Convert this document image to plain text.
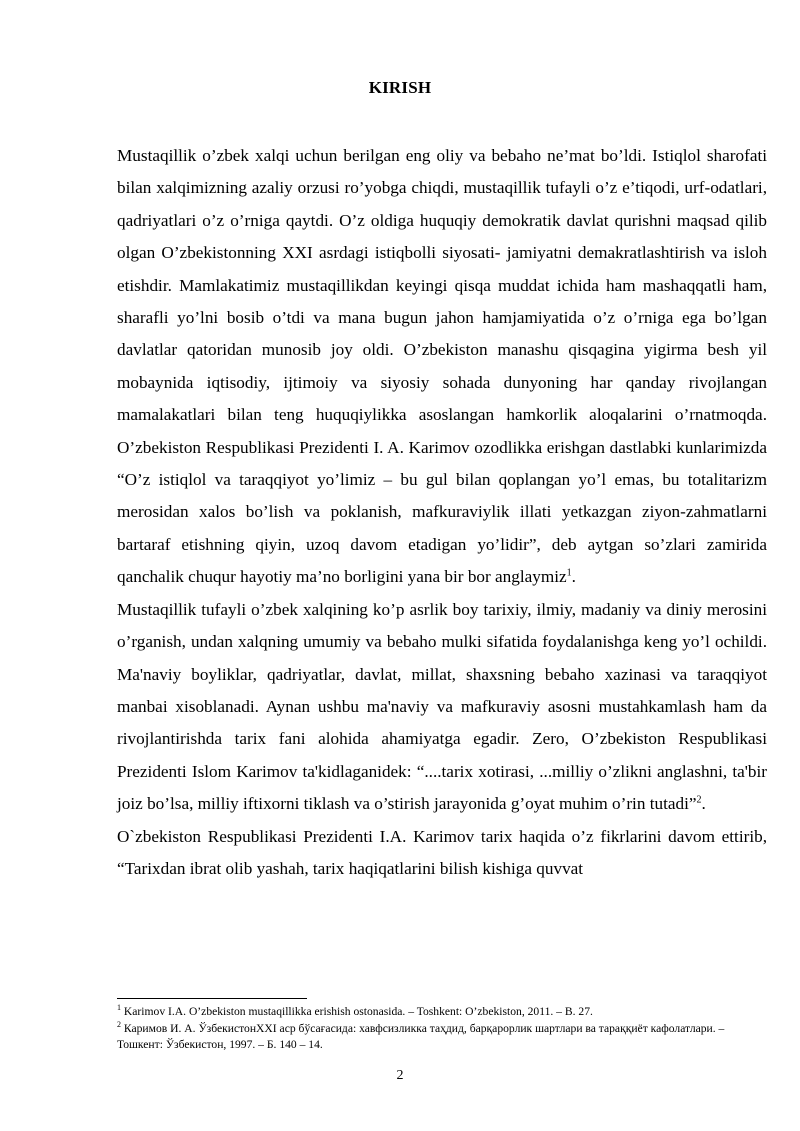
KIRISH

Mustaqillik o’zbek xalqi uchun berilgan eng oliy va bebaho ne’mat bo’ldi. Istiqlol sharofati bilan xalqimizning azaliy orzusi ro’yobga chiqdi, mustaqillik tufayli o’z e’tiqodi, urf-odatlari, qadriyatlari o’z o’rniga qaytdi. O’z oldiga huquqiy demokratik davlat qurishni maqsad qilib olgan O’zbekistonning XXI asrdagi istiqbolli siyosati- jamiyatni demakratlashtirish va isloh etishdir. Mamlakatimiz mustaqillikdan keyingi qisqa muddat ichida ham mashaqqatli ham, sharafli yo’lni bosib o’tdi va mana bugun jahon hamjamiyatida o’z o’rniga ega bo’lgan davlatlar qatoridan munosib joy oldi. O’zbekiston manashu qisqagina yigirma besh yil mobaynida iqtisodiy, ijtimoiy va siyosiy sohada dunyoning har qanday rivojlangan mamalakatlari bilan teng huquqiylikka asoslangan hamkorlik aloqalarini o’rnatmoqda. O’zbekiston Respublikasi Prezidenti I. A. Karimov ozodlikka erishgan dastlabki kunlarimizda “O’z istiqlol va taraqqiyot yo’limiz – bu gul bilan qoplangan yo’l emas, bu totalitarizm merosidan xalos bo’lish va poklanish, mafkuraviylik illati yetkazgan ziyon-zahmatlarni bartaraf etishning qiyin, uzoq davom etadigan yo’lidir”, deb aytgan so’zlari zamirida qanchalik chuqur hayotiy ma’no borligini yana bir bor anglaymiz$^1$.

Mustaqillik tufayli o’zbek xalqining ko’p asrlik boy tarixiy, ilmiy, madaniy va diniy merosini o’rganish, undan xalqning umumiy va bebaho mulki sifatida foydalanishga keng yo’l ochildi. Ma'naviy boyliklar, qadriyatlar, davlat, millat, shaxsning bebaho xazinasi va taraqqiyot manbai xisoblanadi. Aynan ushbu ma'naviy va mafkuraviy asosni mustahkamlash ham da rivojlantirishda tarix fani alohida ahamiyatga egadir. Zero, O’zbekiston Respublikasi Prezidenti Islom Karimov ta'kidlaganidek: “....tarix xotirasi, ...milliy o’zlikni anglashni, ta'bir joiz bo’lsa, milliy iftixorni tiklash va o’stirish jarayonida g’oyat muhim o’rin tutadi”$^2$.

O`zbekiston Respublikasi Prezidenti I.A. Karimov tarix haqida o’z fikrlarini davom ettirib, “Tarixdan ibrat olib yashah, tarix haqiqatlarini bilish kishiga quvvat

$^1$ Karimov I.A. O’zbekiston mustaqillikka erishish ostonasida. – Toshkent: O’zbekiston, 2011. – B. 27.

$^2$ Каримов И. А. ЎзбекистонXXI аср бўсағасида: хавфсизликка таҳдид, барқарорлик шартлари ва тараққиёт кафолатлари. – Тошкент: Ўзбекистон, 1997. – Б. 140 – 14.

2
